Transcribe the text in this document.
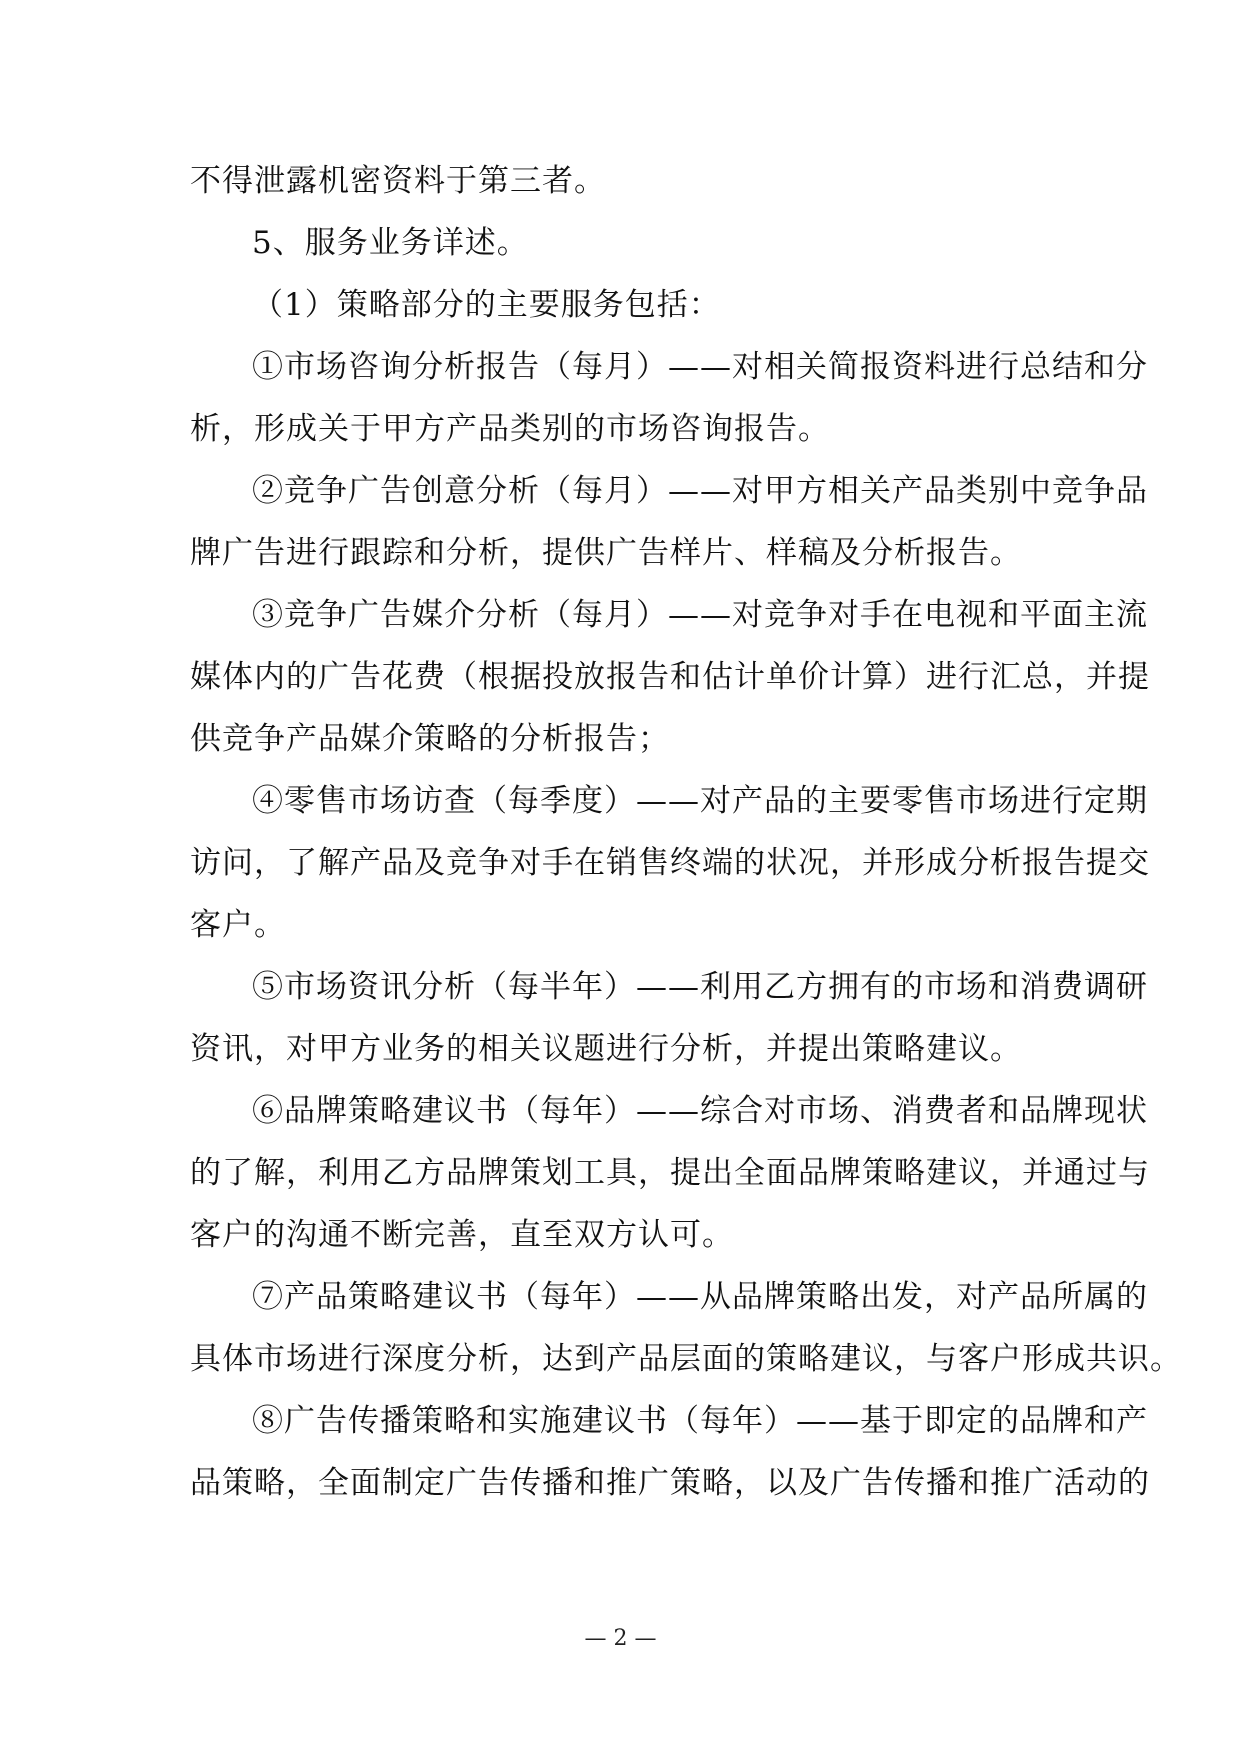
不得泄露机密资料于第三者。

5、服务业务详述。

（1）策略部分的主要服务包括：

①市场咨询分析报告（每月）——对相关简报资料进行总结和分

析，形成关于甲方产品类别的市场咨询报告。

②竞争广告创意分析（每月）——对甲方相关产品类别中竞争品

牌广告进行跟踪和分析，提供广告样片、样稿及分析报告。

③竞争广告媒介分析（每月）——对竞争对手在电视和平面主流

媒体内的广告花费（根据投放报告和估计单价计算）进行汇总，并提

供竞争产品媒介策略的分析报告；

④零售市场访查（每季度）——对产品的主要零售市场进行定期

访问，了解产品及竞争对手在销售终端的状况，并形成分析报告提交

客户。

⑤市场资讯分析（每半年）——利用乙方拥有的市场和消费调研

资讯，对甲方业务的相关议题进行分析，并提出策略建议。

⑥品牌策略建议书（每年）——综合对市场、消费者和品牌现状

的了解，利用乙方品牌策划工具，提出全面品牌策略建议，并通过与

客户的沟通不断完善，直至双方认可。

⑦产品策略建议书（每年）——从品牌策略出发，对产品所属的

具体市场进行深度分析，达到产品层面的策略建议，与客户形成共识。

⑧广告传播策略和实施建议书（每年）——基于即定的品牌和产

品策略，全面制定广告传播和推广策略，以及广告传播和推广活动的

— 2 —
